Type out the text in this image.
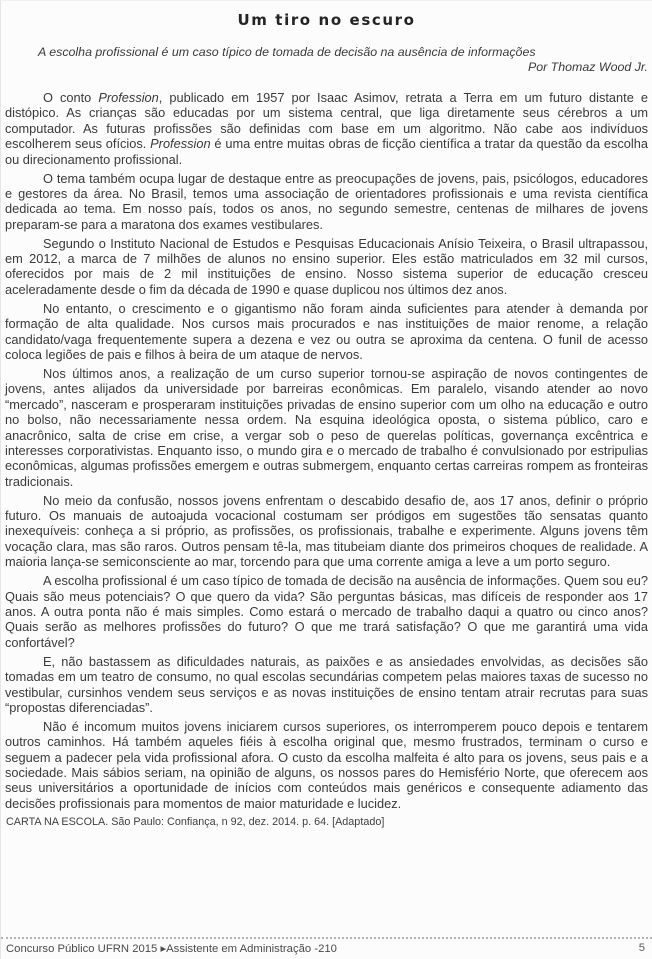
Um tiro no escuro

A escolha profissional é um caso típico de tomada de decisão na ausência de informações

Por Thomaz Wood Jr.

O conto Profession, publicado em 1957 por Isaac Asimov, retrata a Terra em um futuro distante e distópico. As crianças são educadas por um sistema central, que liga diretamente seus cérebros a um computador. As futuras profissões são definidas com base em um algoritmo. Não cabe aos indivíduos escolherem seus ofícios. Profession é uma entre muitas obras de ficção científica a tratar da questão da escolha ou direcionamento profissional.

O tema também ocupa lugar de destaque entre as preocupações de jovens, pais, psicólogos, educadores e gestores da área. No Brasil, temos uma associação de orientadores profissionais e uma revista científica dedicada ao tema. Em nosso país, todos os anos, no segundo semestre, centenas de milhares de jovens preparam-se para a maratona dos exames vestibulares.

Segundo o Instituto Nacional de Estudos e Pesquisas Educacionais Anísio Teixeira, o Brasil ultrapassou, em 2012, a marca de 7 milhões de alunos no ensino superior. Eles estão matriculados em 32 mil cursos, oferecidos por mais de 2 mil instituições de ensino. Nosso sistema superior de educação cresceu aceleradamente desde o fim da década de 1990 e quase duplicou nos últimos dez anos.

No entanto, o crescimento e o gigantismo não foram ainda suficientes para atender à demanda por formação de alta qualidade. Nos cursos mais procurados e nas instituições de maior renome, a relação candidato/vaga frequentemente supera a dezena e vez ou outra se aproxima da centena. O funil de acesso coloca legiões de pais e filhos à beira de um ataque de nervos.

Nos últimos anos, a realização de um curso superior tornou-se aspiração de novos contingentes de jovens, antes alijados da universidade por barreiras econômicas. Em paralelo, visando atender ao novo “mercado”, nasceram e prosperaram instituições privadas de ensino superior com um olho na educação e outro no bolso, não necessariamente nessa ordem. Na esquina ideológica oposta, o sistema público, caro e anacrônico, salta de crise em crise, a vergar sob o peso de querelas políticas, governança excêntrica e interesses corporativistas. Enquanto isso, o mundo gira e o mercado de trabalho é convulsionado por estripulias econômicas, algumas profissões emergem e outras submergem, enquanto certas carreiras rompem as fronteiras tradicionais.

No meio da confusão, nossos jovens enfrentam o descabido desafio de, aos 17 anos, definir o próprio futuro. Os manuais de autoajuda vocacional costumam ser pródigos em sugestões tão sensatas quanto inexequíveis: conheça a si próprio, as profissões, os profissionais, trabalhe e experimente. Alguns jovens têm vocação clara, mas são raros. Outros pensam tê-la, mas titubeiam diante dos primeiros choques de realidade. A maioria lança-se semiconsciente ao mar, torcendo para que uma corrente amiga a leve a um porto seguro.

A escolha profissional é um caso típico de tomada de decisão na ausência de informações. Quem sou eu? Quais são meus potenciais? O que quero da vida? São perguntas básicas, mas difíceis de responder aos 17 anos. A outra ponta não é mais simples. Como estará o mercado de trabalho daqui a quatro ou cinco anos? Quais serão as melhores profissões do futuro? O que me trará satisfação? O que me garantirá uma vida confortável?

E, não bastassem as dificuldades naturais, as paixões e as ansiedades envolvidas, as decisões são tomadas em um teatro de consumo, no qual escolas secundárias competem pelas maiores taxas de sucesso no vestibular, cursinhos vendem seus serviços e as novas instituições de ensino tentam atrair recrutas para suas “propostas diferenciadas”.

Não é incomum muitos jovens iniciarem cursos superiores, os interromperem pouco depois e tentarem outros caminhos. Há também aqueles fiéis à escolha original que, mesmo frustrados, terminam o curso e seguem a padecer pela vida profissional afora. O custo da escolha malfeita é alto para os jovens, seus pais e a sociedade. Mais sábios seriam, na opinião de alguns, os nossos pares do Hemisfério Norte, que oferecem aos seus universitários a oportunidade de inícios com conteúdos mais genéricos e consequente adiamento das decisões profissionais para momentos de maior maturidade e lucidez.

CARTA NA ESCOLA. São Paulo: Confiança, n 92, dez. 2014. p. 64. [Adaptado]

Concurso Público UFRN 2015 ▸Assistente em Administração -210	5
